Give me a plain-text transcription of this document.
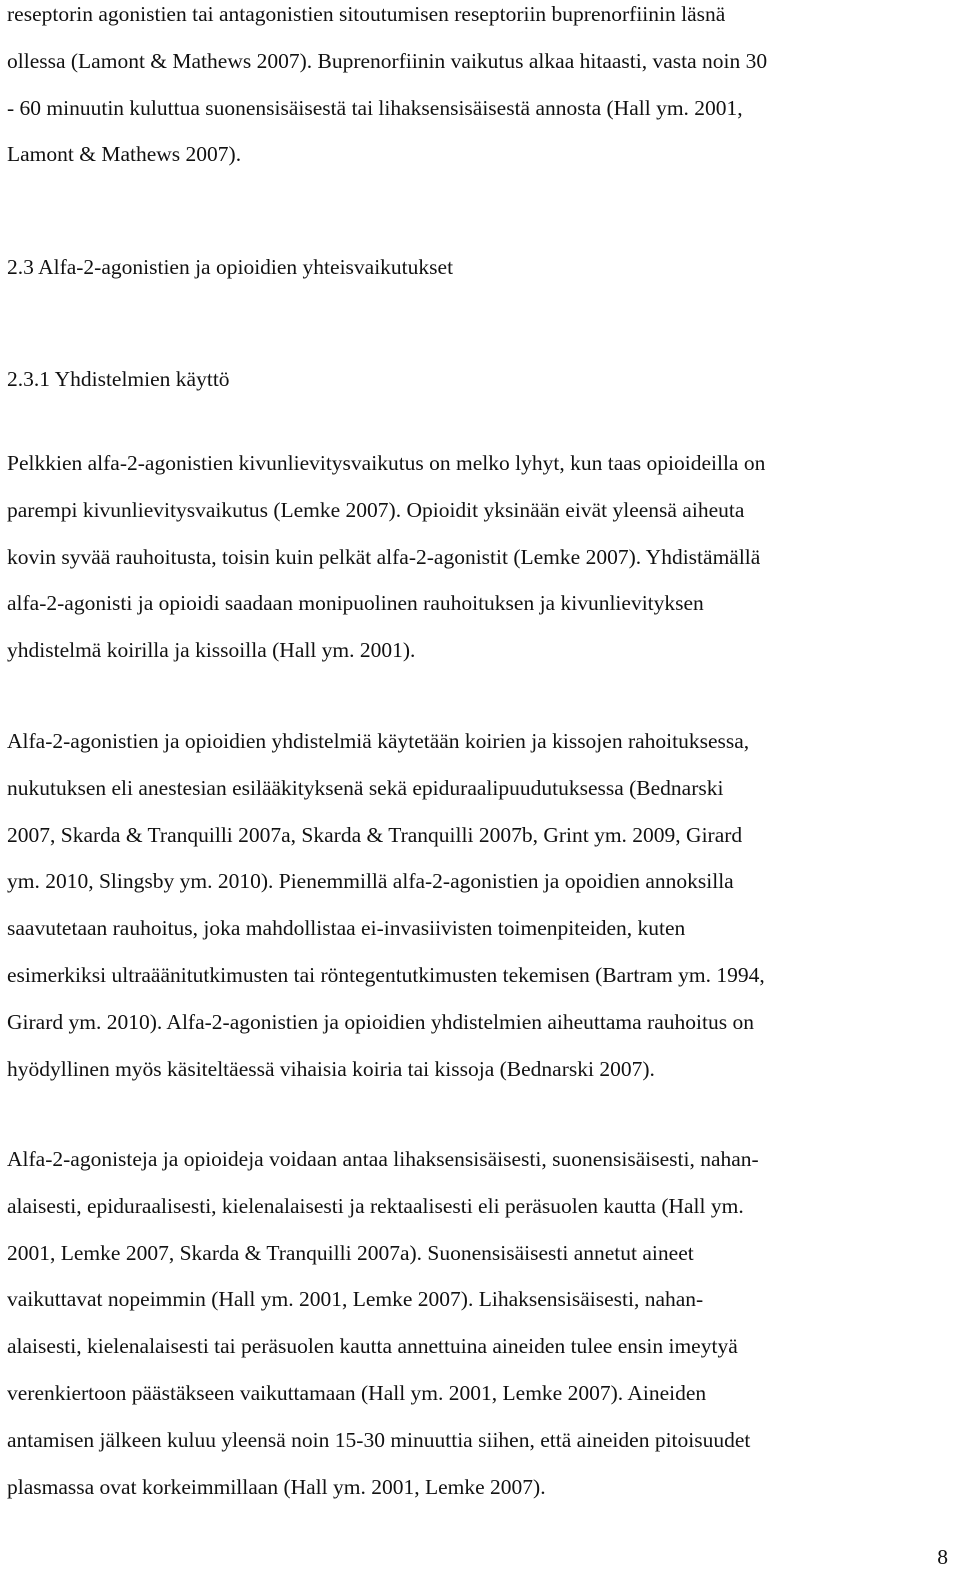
reseptorin agonistien tai antagonistien sitoutumisen reseptoriin buprenorfiinin läsnä
ollessa (Lamont & Mathews 2007). Buprenorfiinin vaikutus alkaa hitaasti, vasta noin 30
- 60 minuutin kuluttua suonensisäisestä tai lihaksensisäisestä annosta (Hall ym. 2001,
Lamont & Mathews 2007).
2.3 Alfa-2-agonistien ja opioidien yhteisvaikutukset
2.3.1 Yhdistelmien käyttö
Pelkkien alfa-2-agonistien kivunlievitysvaikutus on melko lyhyt, kun taas opioideilla on
parempi kivunlievitysvaikutus (Lemke 2007). Opioidit yksinään eivät yleensä aiheuta
kovin syvää rauhoitusta, toisin kuin pelkät alfa-2-agonistit (Lemke 2007). Yhdistämällä
alfa-2-agonisti ja opioidi saadaan monipuolinen rauhoituksen ja kivunlievityksen
yhdistelmä koirilla ja kissoilla (Hall ym. 2001).
Alfa-2-agonistien ja opioidien yhdistelmiä käytetään koirien ja kissojen rahoituksessa,
nukutuksen eli anestesian esilääkityksenä sekä epiduraalipuudutuksessa (Bednarski
2007, Skarda & Tranquilli 2007a, Skarda & Tranquilli 2007b, Grint ym. 2009, Girard
ym. 2010, Slingsby ym. 2010). Pienemmillä alfa-2-agonistien ja opoidien annoksilla
saavutetaan rauhoitus, joka mahdollistaa ei-invasiivisten toimenpiteiden, kuten
esimerkiksi ultraäänitutkimusten tai röntegentutkimusten tekemisen (Bartram ym. 1994,
Girard ym. 2010). Alfa-2-agonistien ja opioidien yhdistelmien aiheuttama rauhoitus on
hyödyllinen myös käsiteltäessä vihaisia koiria tai kissoja (Bednarski 2007).
Alfa-2-agonisteja ja opioideja voidaan antaa lihaksensisäisesti, suonensisäisesti, nahan-
alaisesti, epiduraalisesti, kielenalaisesti ja rektaalisesti eli peräsuolen kautta (Hall ym.
2001, Lemke 2007, Skarda & Tranquilli 2007a). Suonensisäisesti annetut aineet
vaikuttavat nopeimmin (Hall ym. 2001, Lemke 2007). Lihaksensisäisesti, nahan-
alaisesti, kielenalaisesti tai peräsuolen kautta annettuina aineiden tulee ensin imeytyä
verenkiertoon päästäkseen vaikuttamaan (Hall ym. 2001, Lemke 2007). Aineiden
antamisen jälkeen kuluu yleensä noin 15-30 minuuttia siihen, että aineiden pitoisuudet
plasmassa ovat korkeimmillaan (Hall ym. 2001, Lemke 2007).
8
